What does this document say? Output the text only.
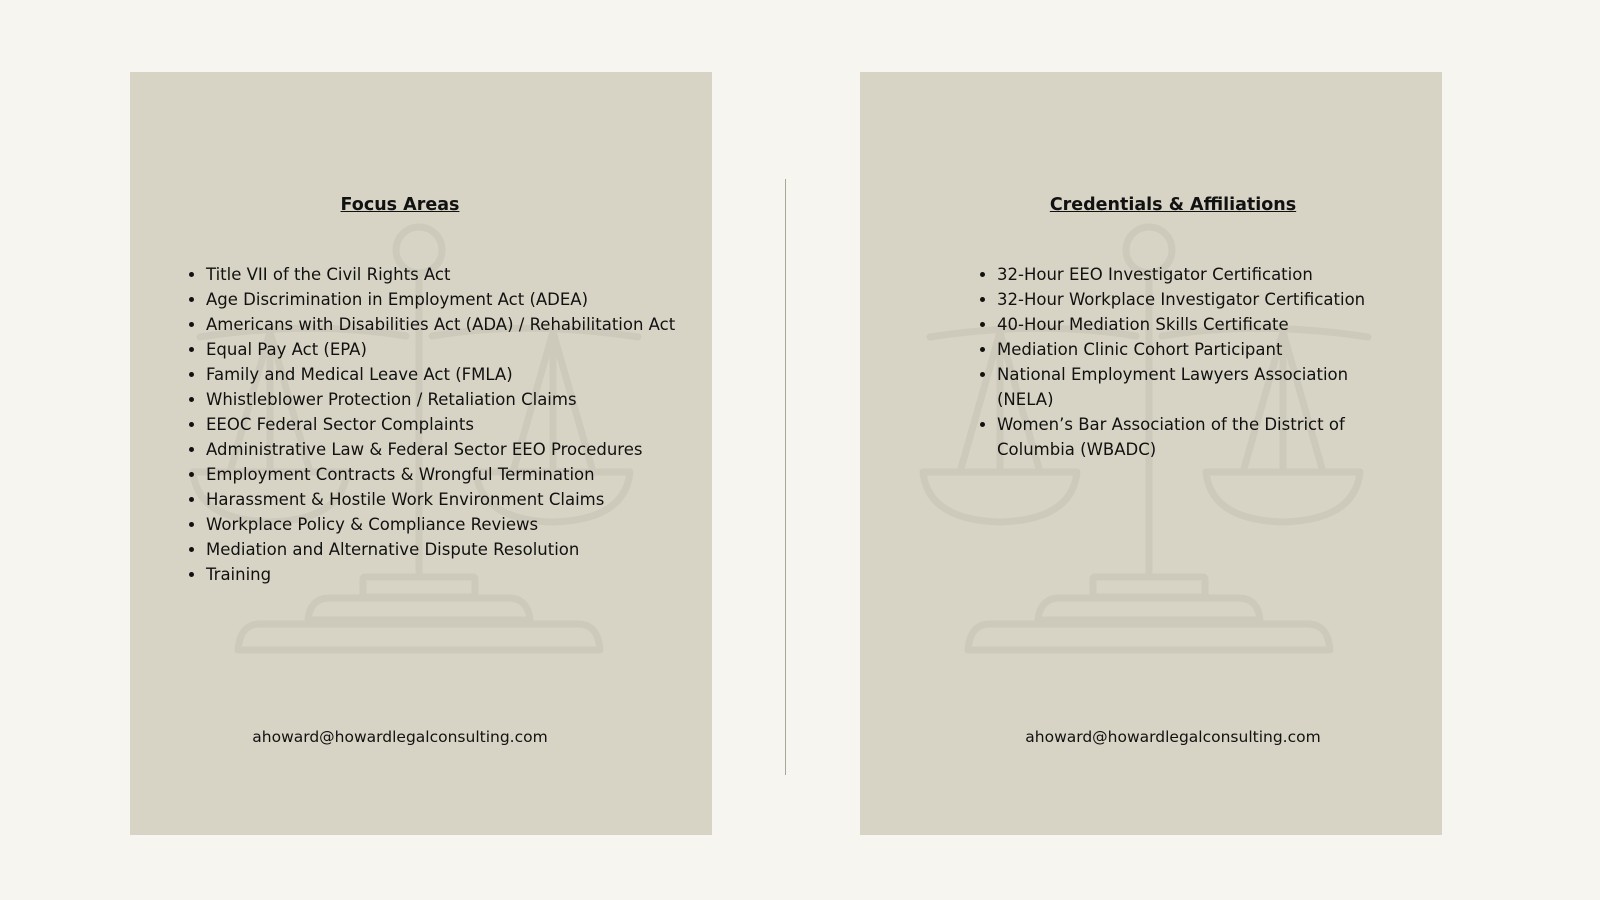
Focus Areas
• Title VII of the Civil Rights Act
• Age Discrimination in Employment Act (ADEA)
• Americans with Disabilities Act (ADA) / Rehabilitation Act
• Equal Pay Act (EPA)
• Family and Medical Leave Act (FMLA)
• Whistleblower Protection / Retaliation Claims
• EEOC Federal Sector Complaints
• Administrative Law & Federal Sector EEO Procedures
• Employment Contracts & Wrongful Termination
• Harassment & Hostile Work Environment Claims
• Workplace Policy & Compliance Reviews
• Mediation and Alternative Dispute Resolution
• Training

ahoward@howardlegalconsulting.com

Credentials & Affiliations
• 32-Hour EEO Investigator Certification
• 32-Hour Workplace Investigator Certification
• 40-Hour Mediation Skills Certificate
• Mediation Clinic Cohort Participant
• National Employment Lawyers Association (NELA)
• Women’s Bar Association of the District of Columbia (WBADC)

ahoward@howardlegalconsulting.com
